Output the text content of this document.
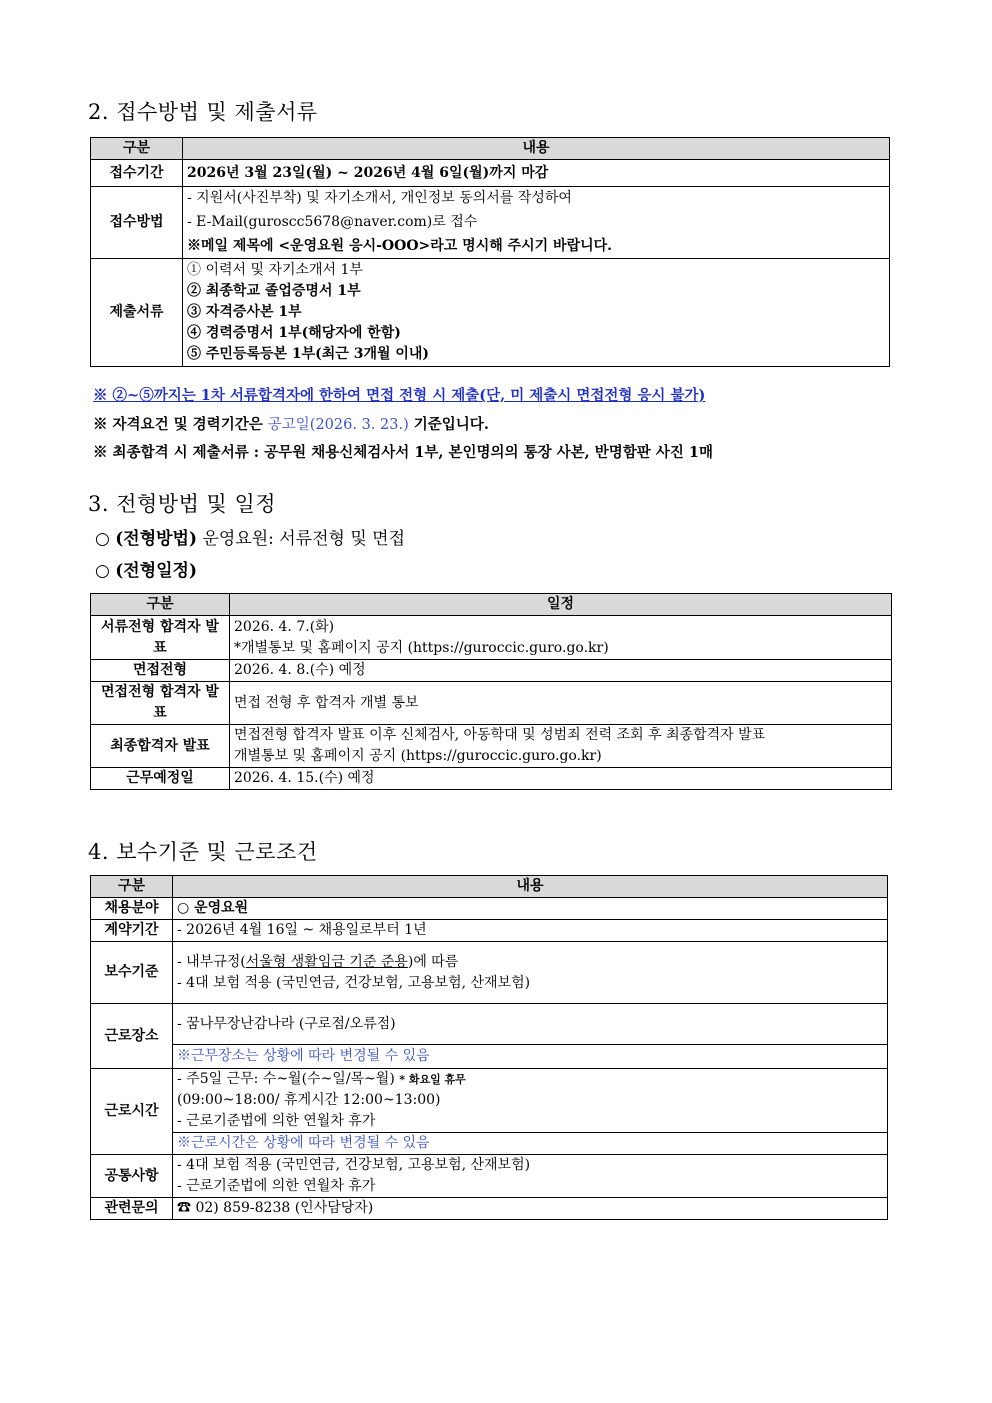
2. 접수방법 및 제출서류
구분	내용
접수기간	2026년 3월 23일(월) ~ 2026년 4월 6일(월)까지 마감
접수방법	- 지원서(사진부착) 및 자기소개서, 개인정보 동의서를 작성하여
- E-Mail(guroscc5678@naver.com)로 접수
※메일 제목에 <운영요원 응시-OOO>라고 명시해 주시기 바랍니다.

제출서류	① 이력서 및 자기소개서 1부
② 최종학교 졸업증명서 1부
③ 자격증사본 1부
④ 경력증명서 1부(해당자에 한함)
⑤ 주민등록등본 1부(최근 3개월 이내)
※ ②~⑤까지는 1차 서류합격자에 한하여 면접 전형 시 제출(단, 미 제출시 면접전형 응시 불가)
※ 자격요건 및 경력기간은 공고일(2026. 3. 23.) 기준입니다.
※ 최종합격 시 제출서류 : 공무원 채용신체검사서 1부, 본인명의의 통장 사본, 반명함판 사진 1매
3. 전형방법 및 일정
○ (전형방법) 운영요원: 서류전형 및 면접
○ (전형일정)
구분	일정
서류전형 합격자 발표	2026. 4. 7.(화)
*개별통보 및 홈페이지 공지 (https://guroccic.guro.go.kr)

면접전형	2026. 4. 8.(수) 예정
면접전형 합격자 발표	면접 전형 후 합격자 개별 통보
최종합격자 발표	면접전형 합격자 발표 이후 신체검사, 아동학대 및 성범죄 전력 조회 후 최종합격자 발표
개별통보 및 홈페이지 공지 (https://guroccic.guro.go.kr)

근무예정일	2026. 4. 15.(수) 예정
4. 보수기준 및 근로조건
구분	내용
채용분야	○ 운영요원
계약기간	- 2026년 4월 16일 ~ 채용일로부터 1년
보수기준	- 내부규정(서울형 생활임금 기준 준용)에 따름
- 4대 보험 적용 (국민연금, 건강보험, 고용보험, 산재보험)

근로장소	- 꿈나무장난감나라 (구로점/오류점)
	※근무장소는 상황에 따라 변경될 수 있음
근로시간	- 주5일 근무: 수~월(수~일/목~월) * 화요일 휴무
(09:00~18:00/ 휴게시간 12:00~13:00)
- 근로기준법에 의한 연월차 휴가

	※근로시간은 상황에 따라 변경될 수 있음
공통사항	- 4대 보험 적용 (국민연금, 건강보험, 고용보험, 산재보험)
- 근로기준법에 의한 연월차 휴가

관련문의	☎ 02) 859-8238 (인사담당자)
